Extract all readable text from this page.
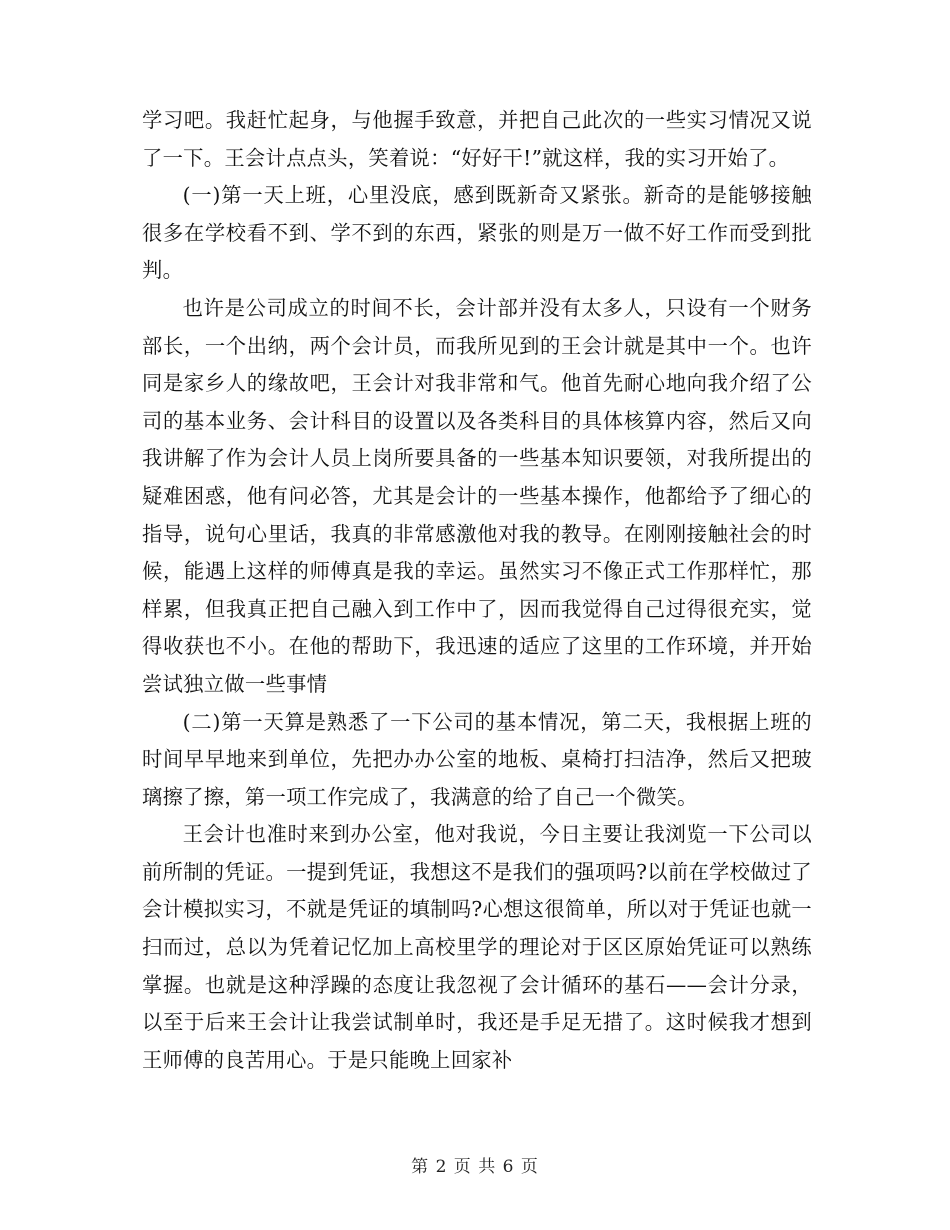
学习吧。我赶忙起身，与他握手致意，并把自己此次的一些实习情况又说了一下。王会计点点头，笑着说：“好好干!”就这样，我的实习开始了。

(一)第一天上班，心里没底，感到既新奇又紧张。新奇的是能够接触很多在学校看不到、学不到的东西，紧张的则是万一做不好工作而受到批判。

也许是公司成立的时间不长，会计部并没有太多人，只设有一个财务部长，一个出纳，两个会计员，而我所见到的王会计就是其中一个。也许同是家乡人的缘故吧，王会计对我非常和气。他首先耐心地向我介绍了公司的基本业务、会计科目的设置以及各类科目的具体核算内容，然后又向我讲解了作为会计人员上岗所要具备的一些基本知识要领，对我所提出的疑难困惑，他有问必答，尤其是会计的一些基本操作，他都给予了细心的指导，说句心里话，我真的非常感激他对我的教导。在刚刚接触社会的时候，能遇上这样的师傅真是我的幸运。虽然实习不像正式工作那样忙，那样累，但我真正把自己融入到工作中了，因而我觉得自己过得很充实，觉得收获也不小。在他的帮助下，我迅速的适应了这里的工作环境，并开始尝试独立做一些事情

(二)第一天算是熟悉了一下公司的基本情况，第二天，我根据上班的时间早早地来到单位，先把办办公室的地板、桌椅打扫洁净，然后又把玻璃擦了擦，第一项工作完成了，我满意的给了自己一个微笑。

王会计也准时来到办公室，他对我说，今日主要让我浏览一下公司以前所制的凭证。一提到凭证，我想这不是我们的强项吗?以前在学校做过了会计模拟实习，不就是凭证的填制吗?心想这很简单，所以对于凭证也就一扫而过，总以为凭着记忆加上高校里学的理论对于区区原始凭证可以熟练掌握。也就是这种浮躁的态度让我忽视了会计循环的基石——会计分录，以至于后来王会计让我尝试制单时，我还是手足无措了。这时候我才想到王师傅的良苦用心。于是只能晚上回家补

第 2 页 共 6 页
